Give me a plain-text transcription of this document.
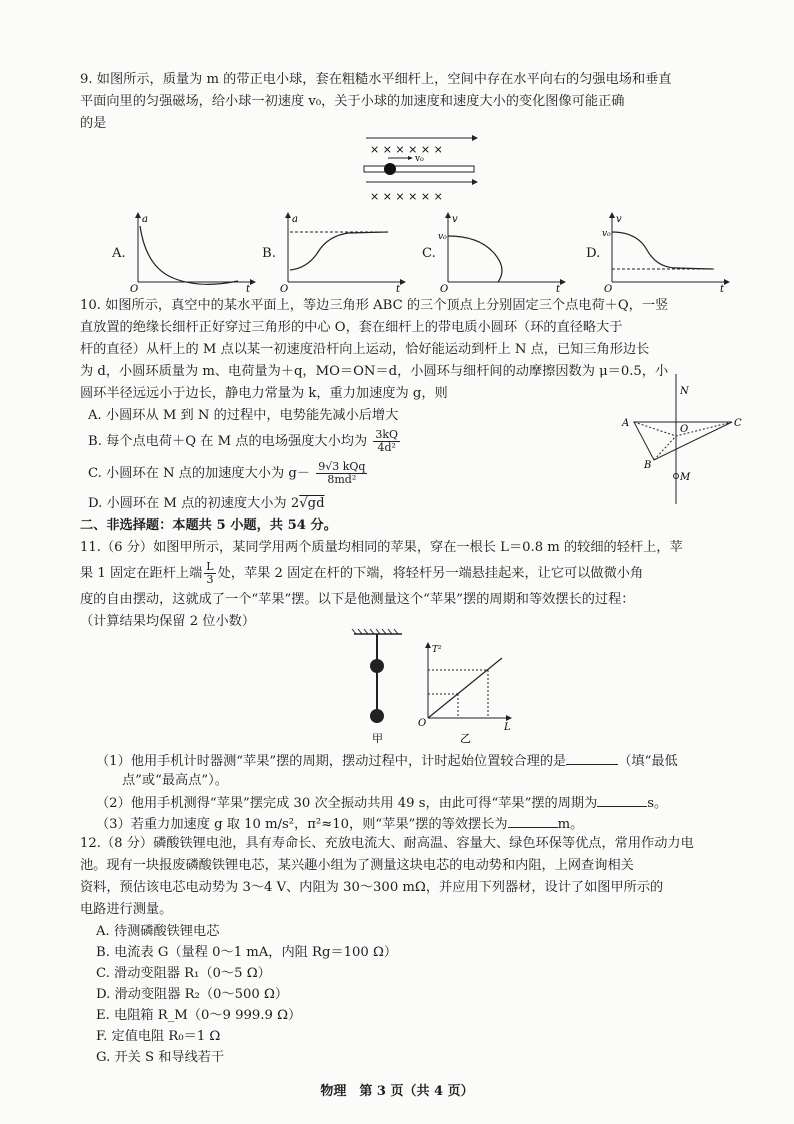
9. 如图所示，质量为 m 的带正电小球，套在粗糙水平细杆上，空间中存在水平向右的匀强电场和垂直
平面向里的匀强磁场，给小球一初速度 v₀，关于小球的加速度和速度大小的变化图像可能正确
的是
× × × × × ×
v₀
× × × × × ×
A.
a
O	t
B.
a
O	t
C.
v
v₀
O	t
D.
v
v₀
O	t
10. 如图所示，真空中的某水平面上，等边三角形 ABC 的三个顶点上分别固定三个点电荷＋Q，一竖
直放置的绝缘长细杆正好穿过三角形的中心 O，套在细杆上的带电质小圆环（环的直径略大于
杆的直径）从杆上的 M 点以某一初速度沿杆向上运动，恰好能运动到杆上 N 点，已知三角形边长
为 d，小圆环质量为 m、电荷量为＋q，MO＝ON＝d，小圆环与细杆间的动摩擦因数为 μ＝0.5，小
圆环半径远远小于边长，静电力常量为 k，重力加速度为 g，则
A. 小圆环从 M 到 N 的过程中，电势能先减小后增大
B. 每个点电荷＋Q 在 M 点的电场强度大小均为 $\frac{3kQ}{\text{4d²}}$
C. 小圆环在 N 点的加速度大小为 $g- \frac{\text{9√3 kQq}}{\text{8md²}}$
D. 小圆环在 M 点的初速度大小为 2√gd
N
A
O
C
B
M
二、非选择题：本题共 5 小题，共 54 分。
11.（6 分）如图甲所示，某同学用两个质量均相同的苹果，穿在一根长 L＝0.8 m 的较细的轻杆上，苹
果 1 固定在距杆上端 $\frac{L}{3}$ 处，苹果 2 固定在杆的下端，将轻杆另一端悬挂起来，让它可以做微小角
度的自由摆动，这就成了一个“苹果”摆。以下是他测量这个“苹果”摆的周期和等效摆长的过程：
（计算结果均保留 2 位小数）
甲
T²
O	L
乙
（1）他用手机计时器测“苹果”摆的周期，摆动过程中，计时起始位置较合理的是	（填“最低
点”或“最高点”）。
（2）他用手机测得“苹果”摆完成 30 次全振动共用 49 s，由此可得“苹果”摆的周期为	s。
（3）若重力加速度 g 取 10 m/s²，π²≈10，则“苹果”摆的等效摆长为	m。
12.（8 分）磷酸铁锂电池，具有寿命长、充放电流大、耐高温、容量大、绿色环保等优点，常用作动力电
池。现有一块报废磷酸铁锂电芯，某兴趣小组为了测量这块电芯的电动势和内阻，上网查询相关
资料，预估该电芯电动势为 3～4 V、内阻为 30～300 mΩ，并应用下列器材，设计了如图甲所示的
电路进行测量。
A. 待测磷酸铁锂电芯
B. 电流表 G（量程 0～1 mA，内阻 Rg＝100 Ω）
C. 滑动变阻器 R₁（0～5 Ω）
D. 滑动变阻器 R₂（0～500 Ω）
E. 电阻箱 R_M（0～9 999.9 Ω）
F. 定值电阻 R₀＝1 Ω
G. 开关 S 和导线若干
物理　第 3 页（共 4 页）
